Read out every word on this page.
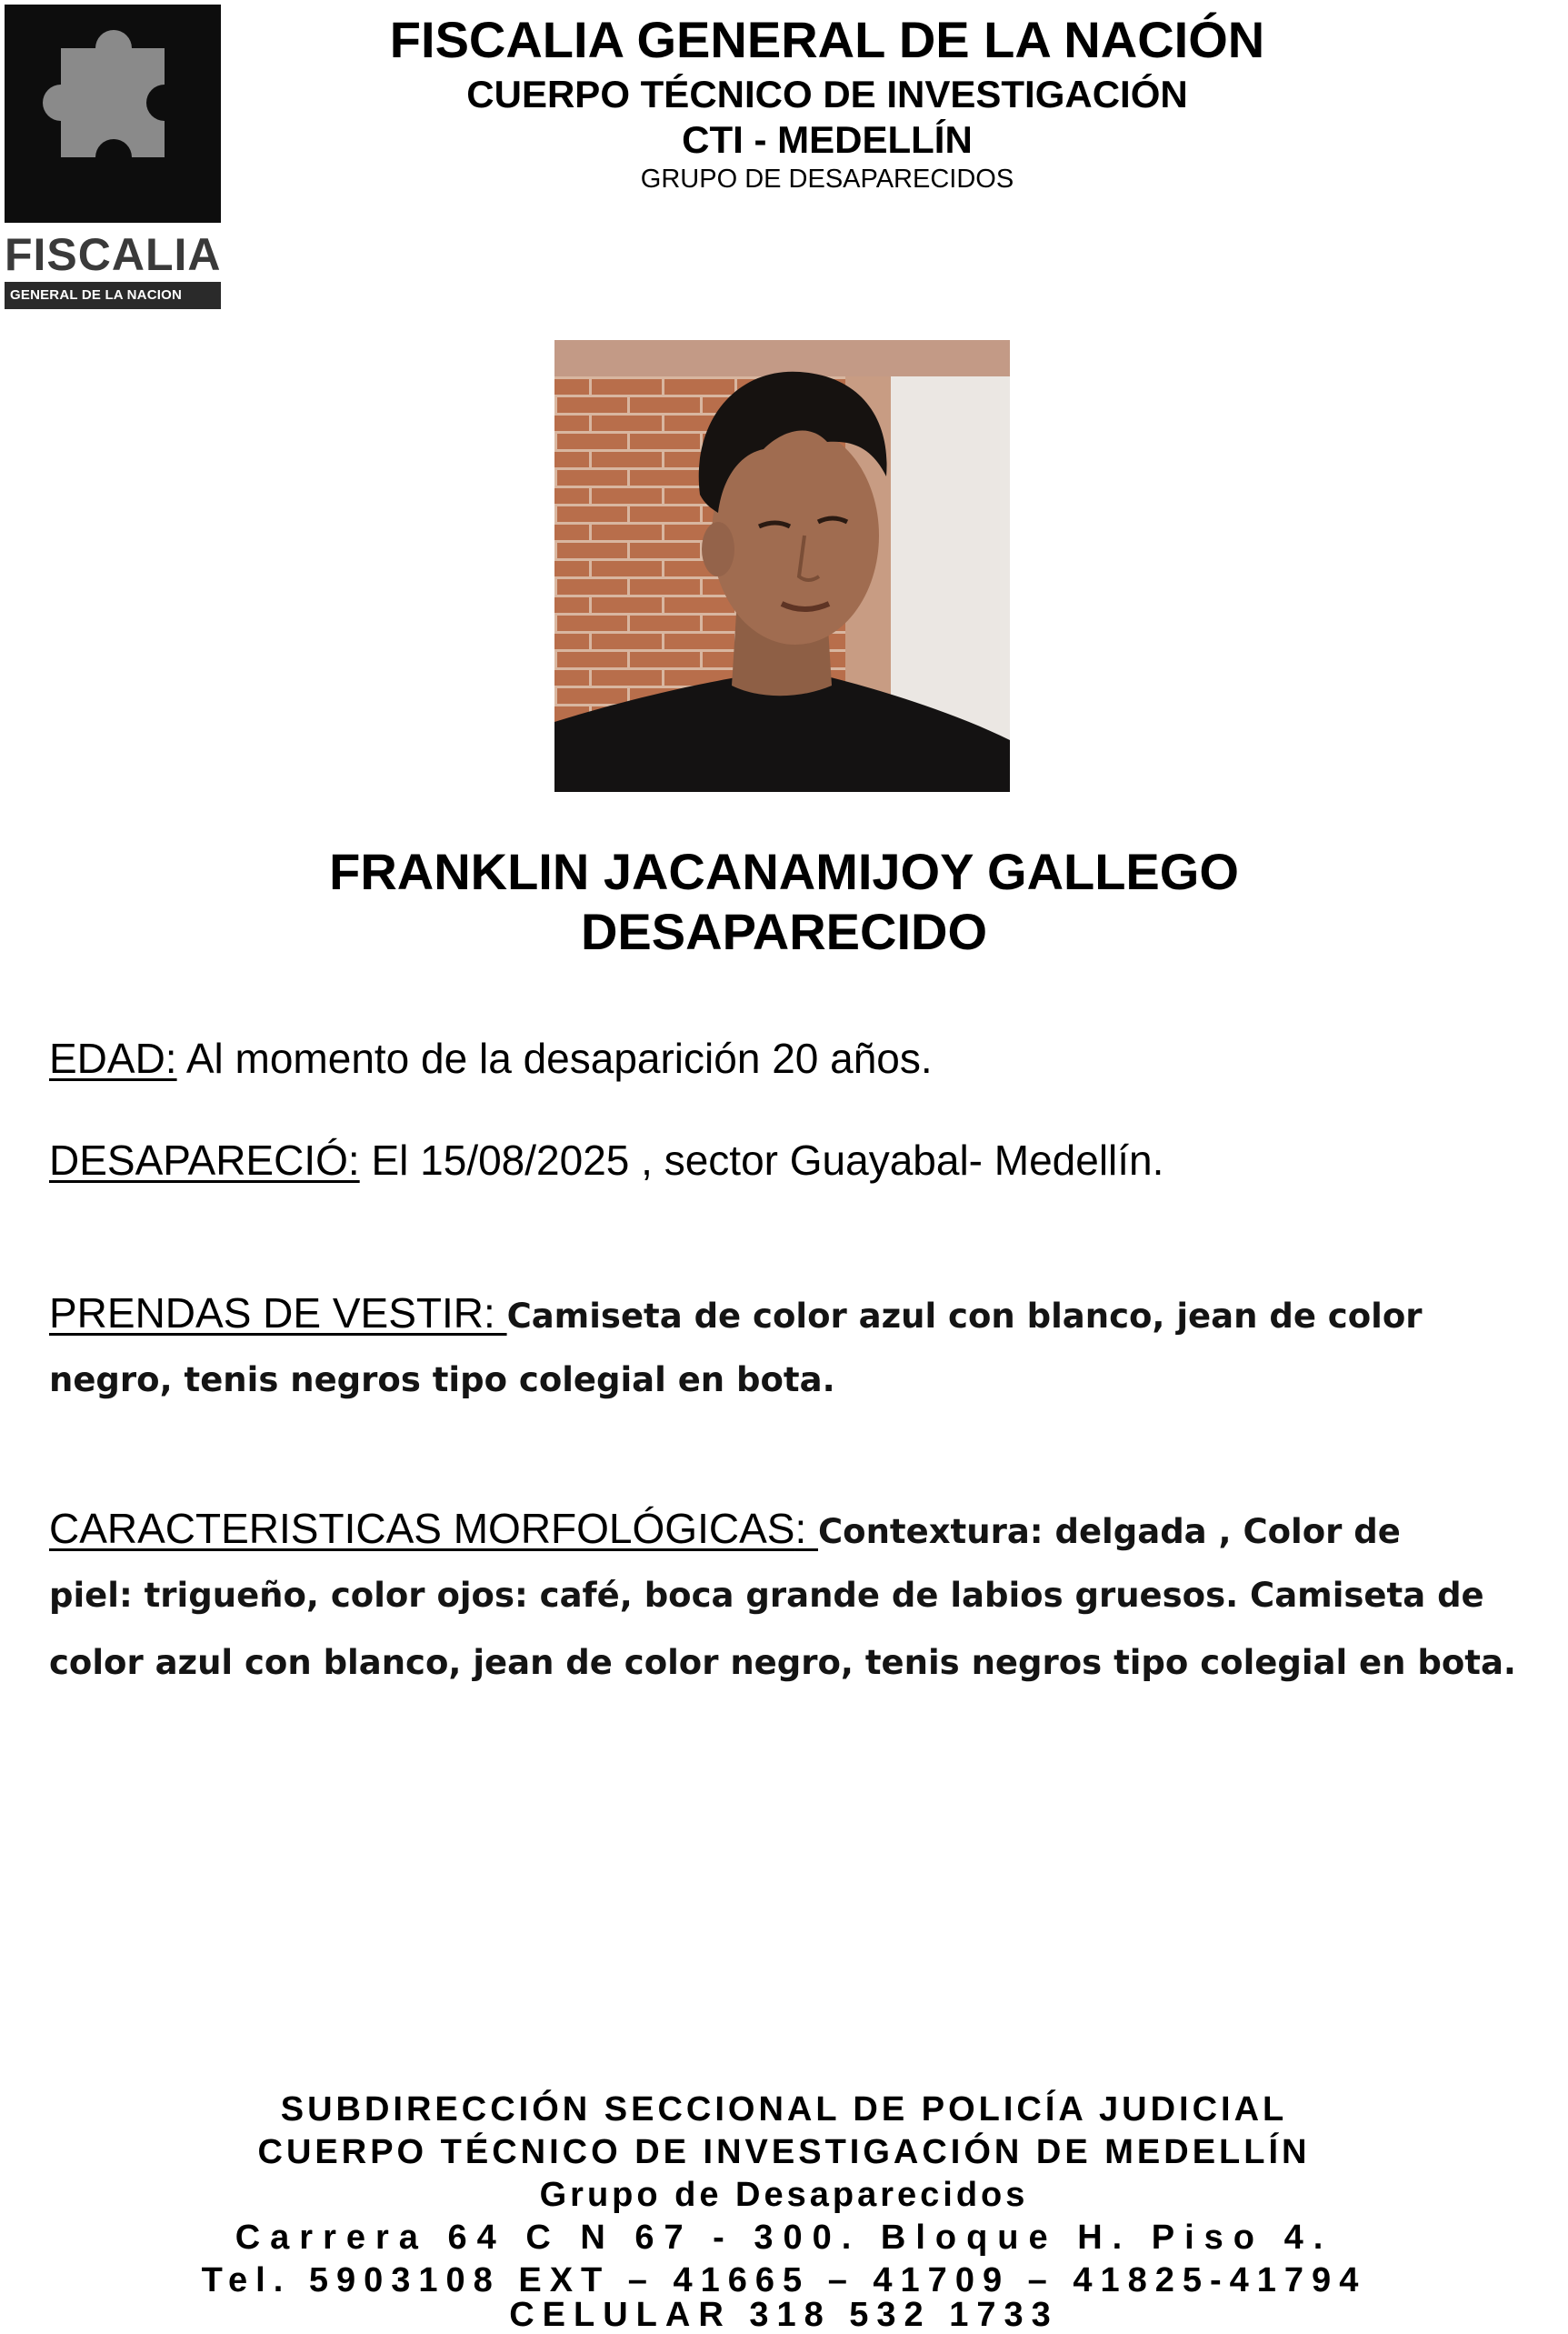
FISCALIA
GENERAL DE LA NACION
FISCALIA GENERAL DE LA NACIÓN
CUERPO TÉCNICO DE INVESTIGACIÓN
CTI - MEDELLÍN
GRUPO DE DESAPARECIDOS
FRANKLIN JACANAMIJOY GALLEGO
DESAPARECIDO
EDAD: Al momento de la desaparición 20 años.
DESAPARECIÓ: El 15/08/2025 , sector Guayabal- Medellín.
PRENDAS DE VESTIR: Camiseta de color azul con blanco, jean de color
negro, tenis negros tipo colegial en bota.
CARACTERISTICAS MORFOLÓGICAS: Contextura: delgada , Color de
piel: trigueño, color ojos: café, boca grande de labios gruesos. Camiseta de
color azul con blanco, jean de color negro, tenis negros tipo colegial en bota.
SUBDIRECCIÓN SECCIONAL DE POLICÍA JUDICIAL
CUERPO TÉCNICO DE INVESTIGACIÓN DE MEDELLÍN
Grupo de Desaparecidos
Carrera 64 C N 67 - 300. Bloque H. Piso 4.
Tel. 5903108 EXT – 41665 – 41709 – 41825-41794
CELULAR 318 532 1733
